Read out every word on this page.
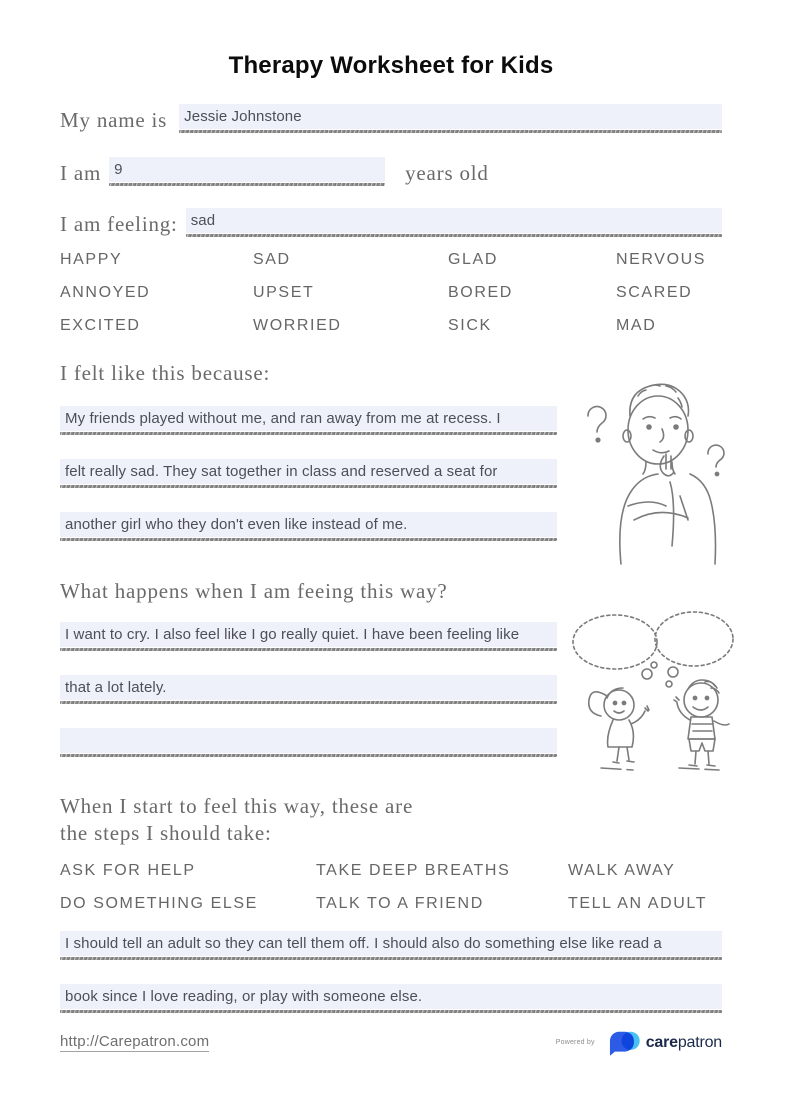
Therapy Worksheet for Kids
My name is Jessie Johnstone
I am 9	years old
I am feeling: sad
HAPPY	SAD	GLAD	NERVOUS
ANNOYED	UPSET	BORED	SCARED
EXCITED	WORRIED	SICK	MAD
I felt like this because:
My friends played without me, and ran away from me at recess. I
felt really sad. They sat together in class and reserved a seat for
another girl who they don't even like instead of me.
What happens when I am feeing this way?
I want to cry. I also feel like I go really quiet. I have been feeling like
that a lot lately.
When I start to feel this way, these are
the steps I should take:
ASK FOR HELP	TAKE DEEP BREATHS	WALK AWAY
DO SOMETHING ELSE	TALK TO A FRIEND	TELL AN ADULT
I should tell an adult so they can tell them off. I should also do something else like read a
book since I love reading, or play with someone else.
http://Carepatron.com	Powered by	carepatron
